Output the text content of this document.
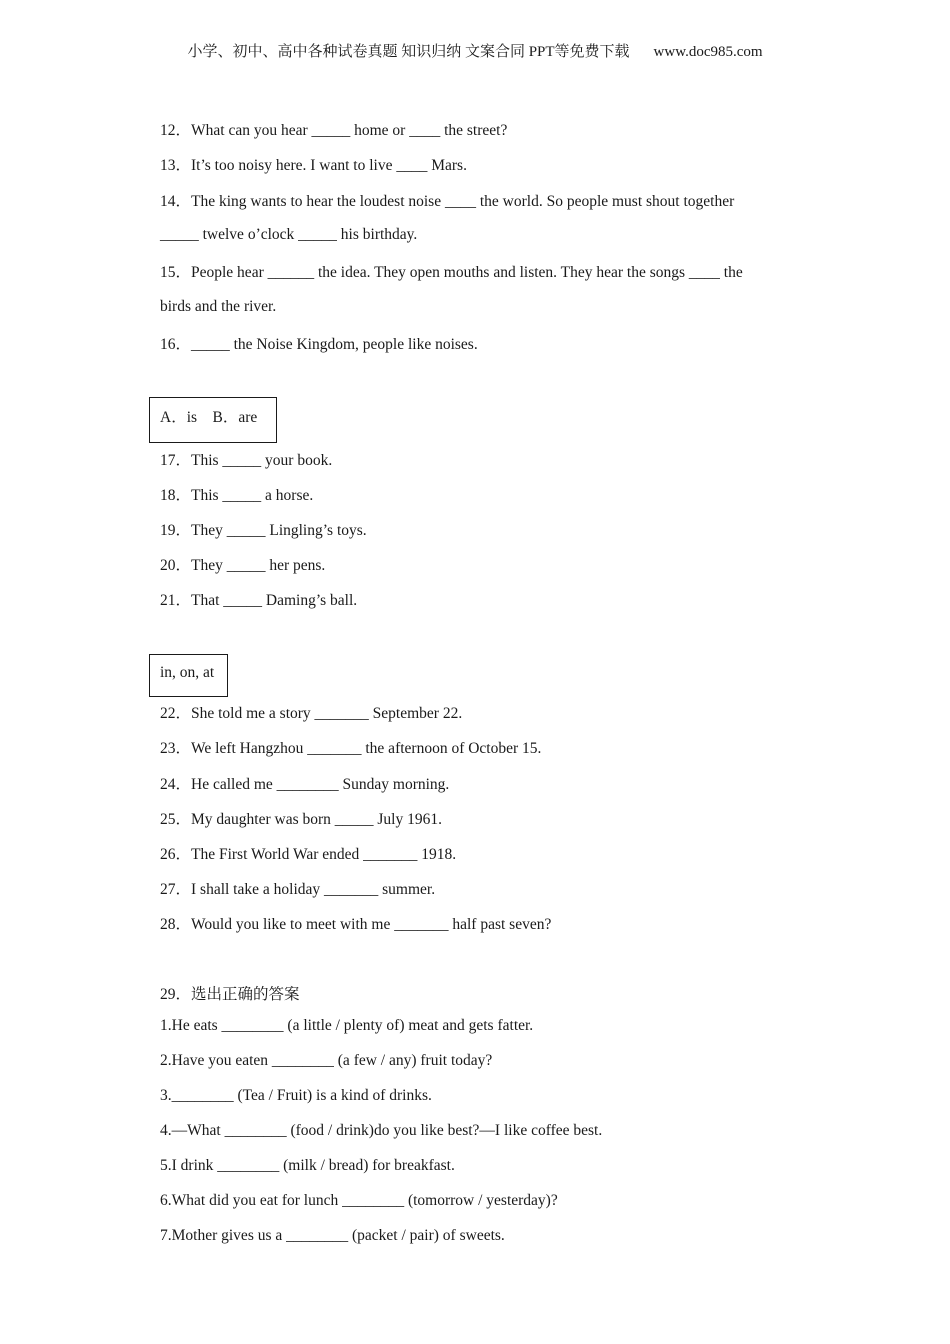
小学、初中、高中各种试卷真题 知识归纳 文案合同 PPT等免费下载 www.doc985.com
12．What can you hear _____ home or ____ the street?
13．It’s too noisy here. I want to live ____ Mars.
14．The king wants to hear the loudest noise ____ the world. So people must shout together
_____ twelve o’clock _____ his birthday.
15．People hear ______ the idea. They open mouths and listen. They hear the songs ____ the
birds and the river.
16．_____ the Noise Kingdom, people like noises.
A．is    B．are
17．This _____ your book.
18．This _____ a horse.
19．They _____ Lingling’s toys.
20．They _____ her pens.
21．That _____ Daming’s ball.
in, on, at
22．She told me a story _______ September 22.
23．We left Hangzhou _______ the afternoon of October 15.
24．He called me ________ Sunday morning.
25．My daughter was born _____ July 1961.
26．The First World War ended _______ 1918.
27．I shall take a holiday _______ summer.
28．Would you like to meet with me _______ half past seven?
29．选出正确的答案
1.He eats ________ (a little / plenty of) meat and gets fatter.
2.Have you eaten ________ (a few / any) fruit today?
3.________ (Tea / Fruit) is a kind of drinks.
4.—What ________ (food / drink)do you like best?—I like coffee best.
5.I drink ________ (milk / bread) for breakfast.
6.What did you eat for lunch ________ (tomorrow / yesterday)?
7.Mother gives us a ________ (packet / pair) of sweets.
